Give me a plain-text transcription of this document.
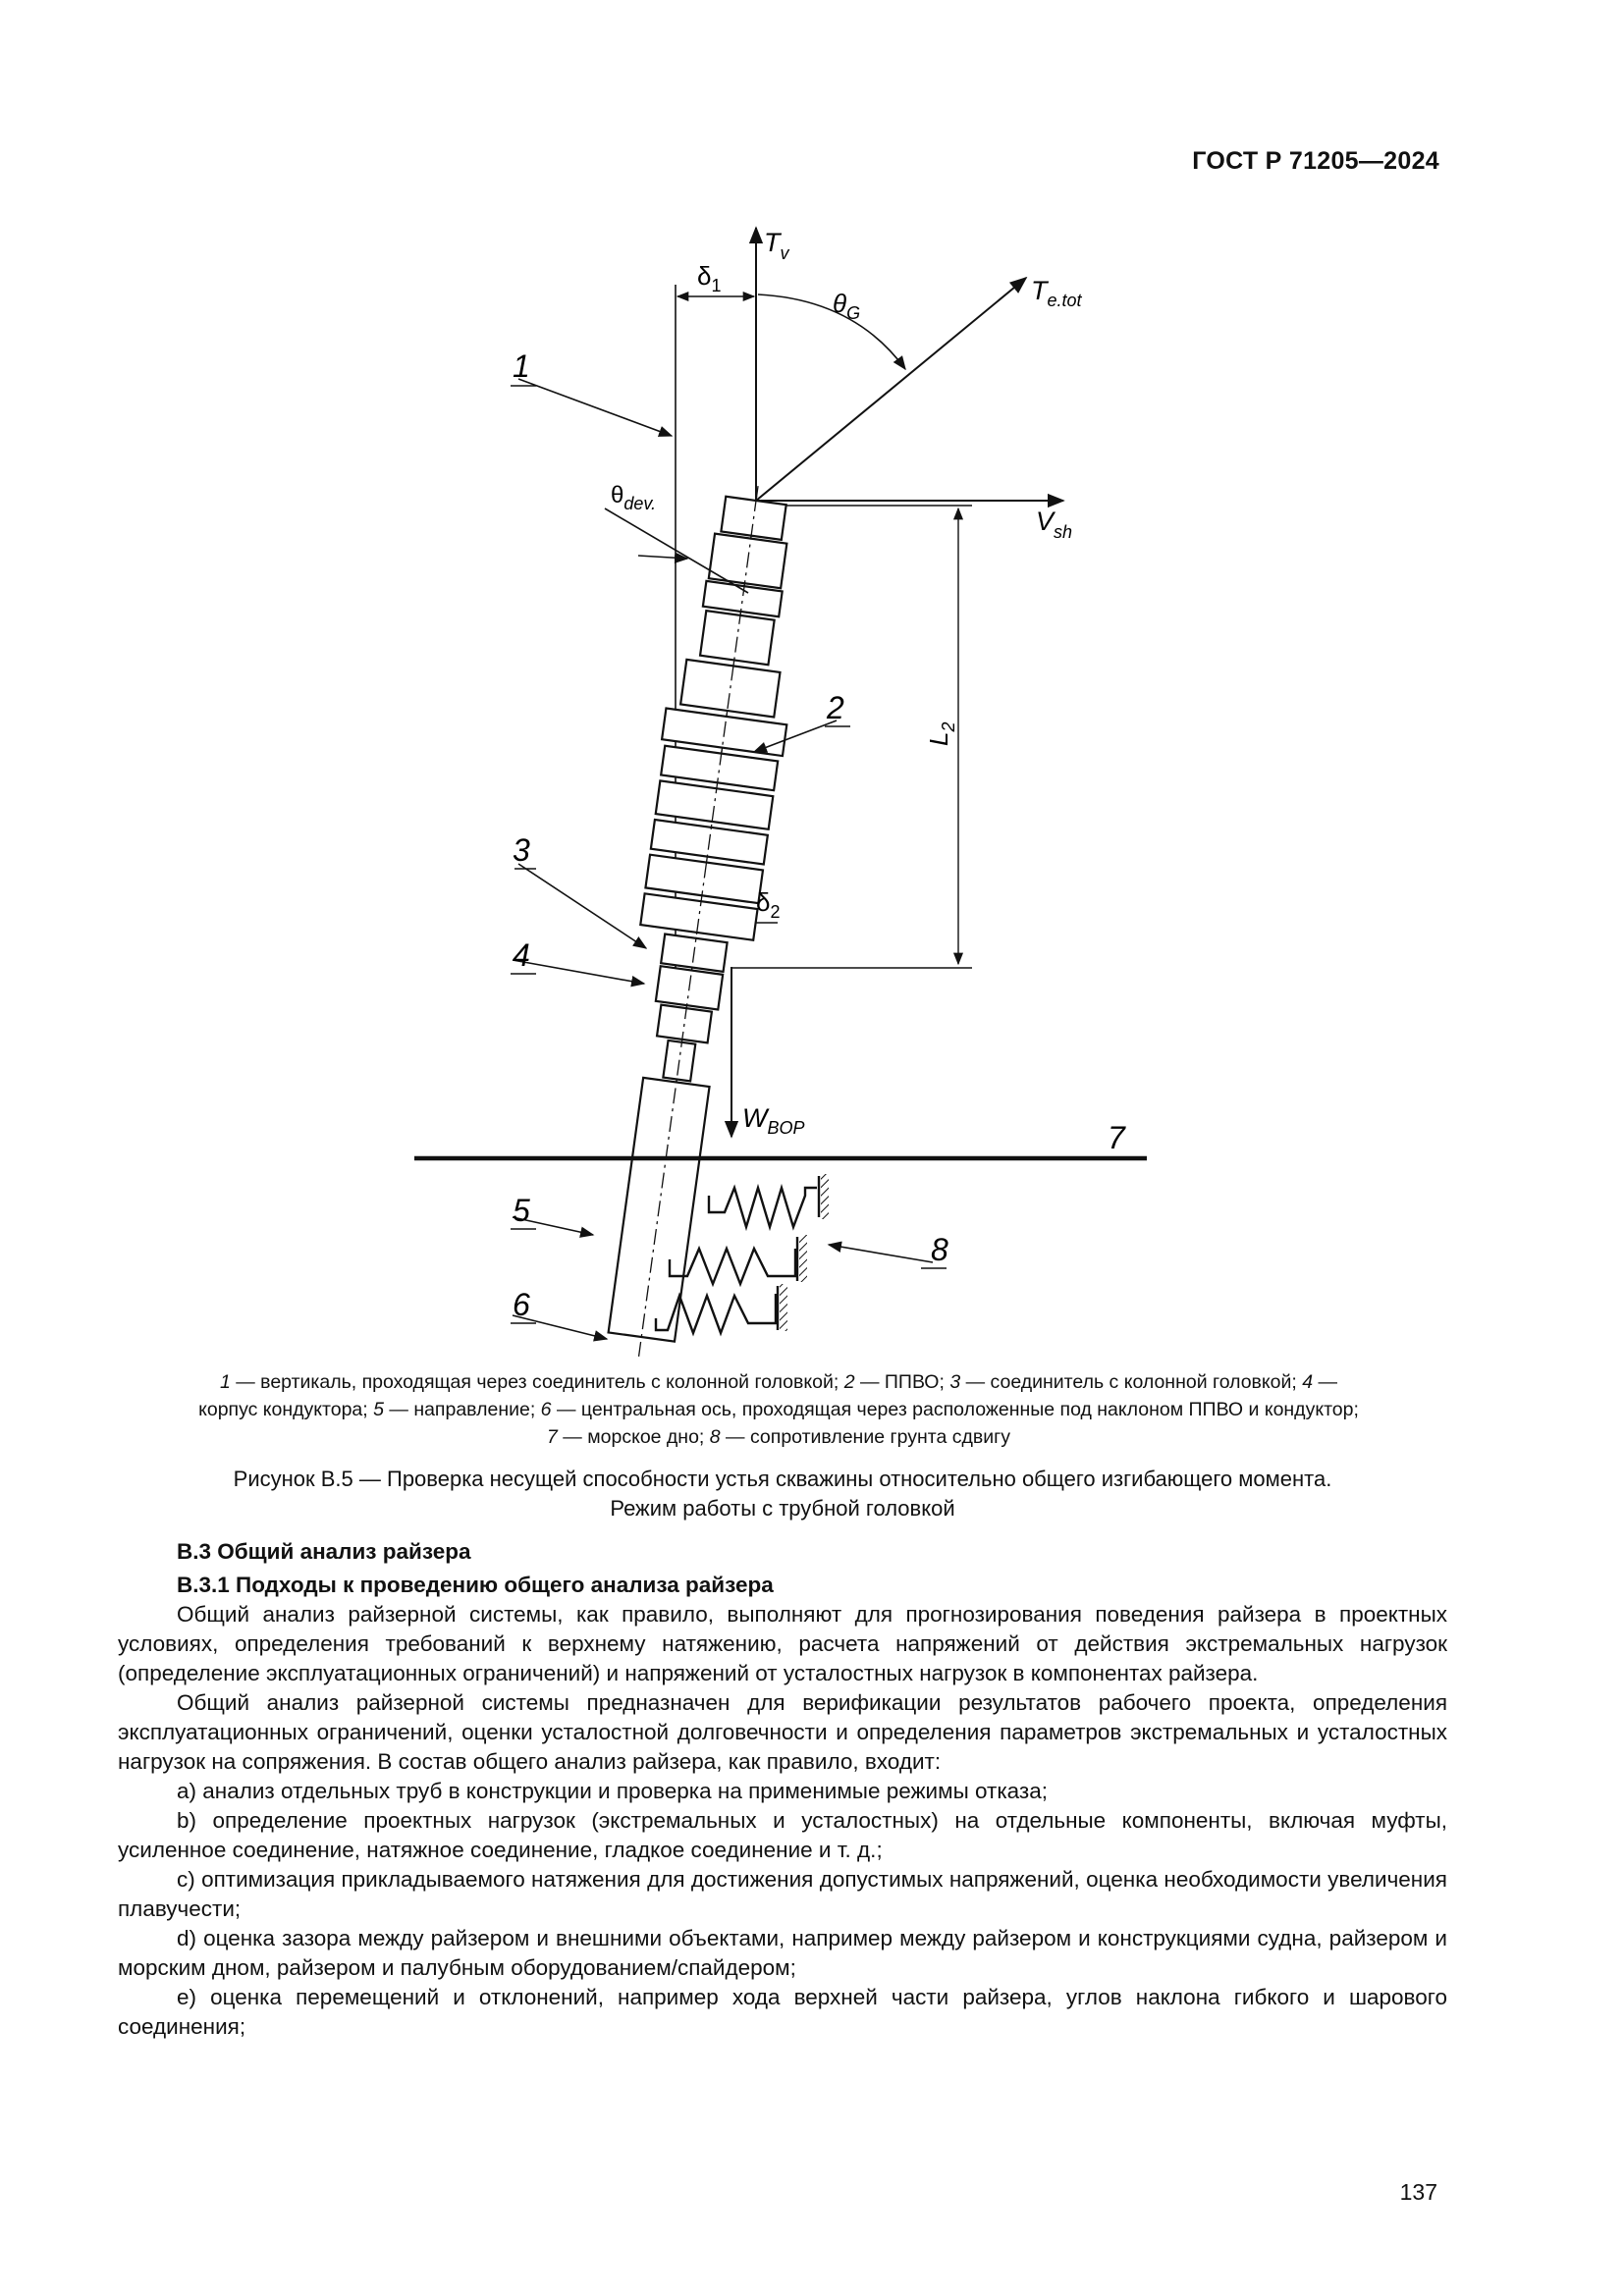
ГОСТ Р 71205—2024
$T_v$
$\delta_1$
$\theta_G$
$T_{e.tot}$
$\theta_{dev.}$
$V_{sh}$
$L_2$
$\delta_2$
$W_{BOP}$
1
2
3
4
5
6
7
8
1 — вертикаль, проходящая через соединитель с колонной головкой; 2 — ППВО; 3 — соединитель с колонной головкой; 4 — корпус кондуктора; 5 — направление; 6 — центральная ось, проходящая через расположенные под наклоном ППВО и кондуктор; 7 — морское дно; 8 — сопротивление грунта сдвигу
Рисунок В.5 — Проверка несущей способности устья скважины относительно общего изгибающего момента.
Режим работы с трубной головкой
В.3 Общий анализ райзера
В.3.1 Подходы к проведению общего анализа райзера

Общий анализ райзерной системы, как правило, выполняют для прогнозирования поведения райзера в проектных условиях, определения требований к верхнему натяжению, расчета напряжений от действия экстремальных нагрузок (определение эксплуатационных ограничений) и напряжений от усталостных нагрузок в компонентах райзера.

Общий анализ райзерной системы предназначен для верификации результатов рабочего проекта, определения эксплуатационных ограничений, оценки усталостной долговечности и определения параметров экстремальных и усталостных нагрузок на сопряжения. В состав общего анализ райзера, как правило, входит:

а) анализ отдельных труб в конструкции и проверка на применимые режимы отказа;

b) определение проектных нагрузок (экстремальных и усталостных) на отдельные компоненты, включая муфты, усиленное соединение, натяжное соединение, гладкое соединение и т. д.;

c) оптимизация прикладываемого натяжения для достижения допустимых напряжений, оценка необходимости увеличения плавучести;

d) оценка зазора между райзером и внешними объектами, например между райзером и конструкциями судна, райзером и морским дном, райзером и палубным оборудованием/спайдером;

e) оценка перемещений и отклонений, например хода верхней части райзера, углов наклона гибкого и шарового соединения;

137
